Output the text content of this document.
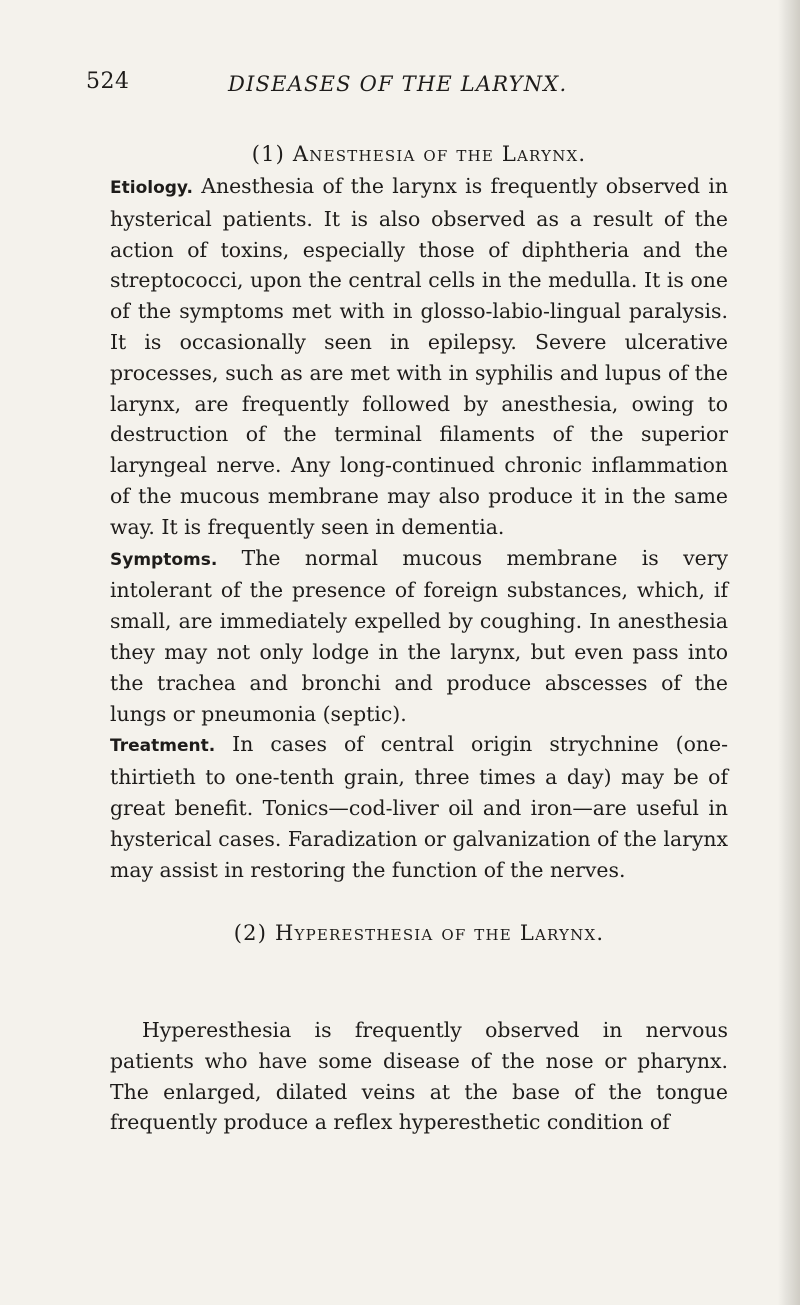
524	DISEASES OF THE LARYNX.
(1) Anesthesia of the Larynx.
Etiology. Anesthesia of the larynx is frequently observed in hysterical patients. It is also observed as a result of the action of toxins, especially those of diphtheria and the streptococci, upon the central cells in the medulla. It is one of the symptoms met with in glosso-labio-lingual paralysis. It is occasionally seen in epilepsy. Severe ulcerative processes, such as are met with in syphilis and lupus of the larynx, are frequently followed by anesthesia, owing to destruction of the terminal filaments of the superior laryngeal nerve. Any long-continued chronic inflammation of the mucous membrane may also produce it in the same way. It is frequently seen in dementia.
Symptoms. The normal mucous membrane is very intolerant of the presence of foreign substances, which, if small, are immediately expelled by coughing. In anesthesia they may not only lodge in the larynx, but even pass into the trachea and bronchi and produce abscesses of the lungs or pneumonia (septic).
Treatment. In cases of central origin strychnine (one-thirtieth to one-tenth grain, three times a day) may be of great benefit. Tonics—cod-liver oil and iron—are useful in hysterical cases. Faradization or galvanization of the larynx may assist in restoring the function of the nerves.
(2) Hyperesthesia of the Larynx.
Hyperesthesia is frequently observed in nervous patients who have some disease of the nose or pharynx. The enlarged, dilated veins at the base of the tongue frequently produce a reflex hyperesthetic condition of
